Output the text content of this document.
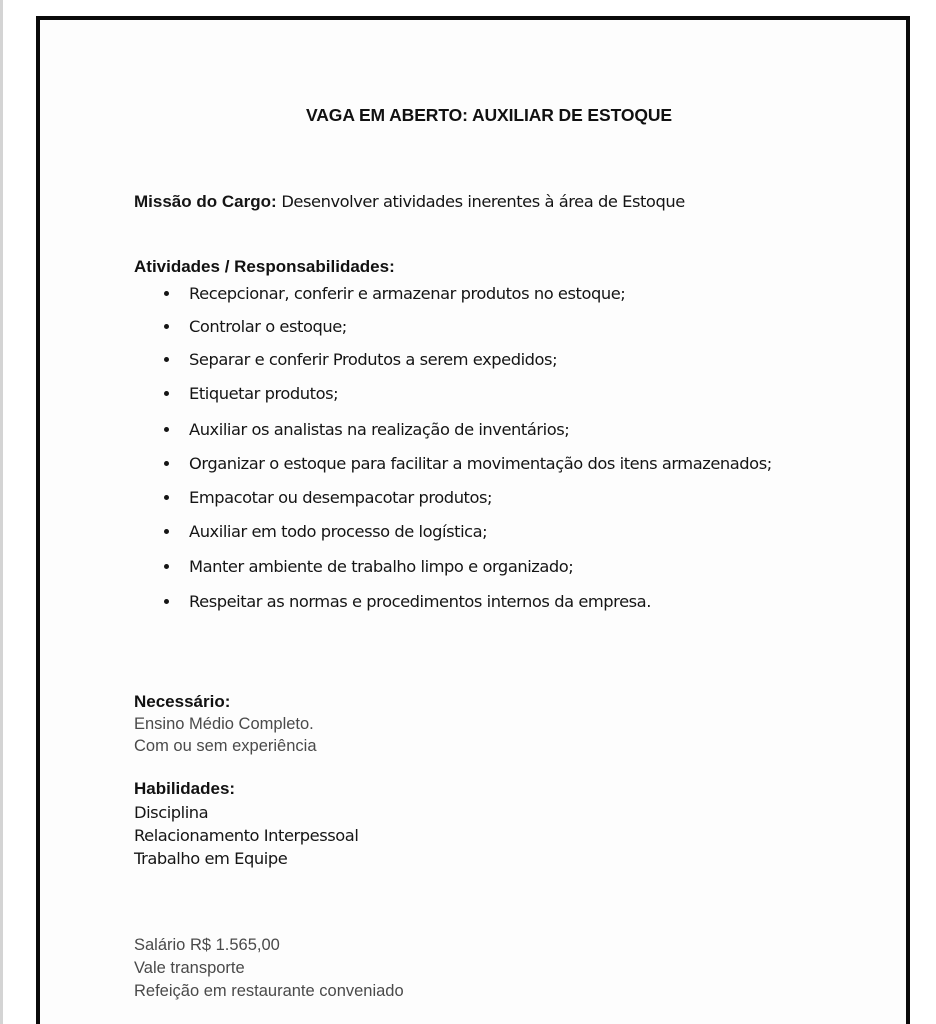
VAGA EM ABERTO: AUXILIAR DE ESTOQUE
Missão do Cargo: Desenvolver atividades inerentes à área de Estoque
Atividades / Responsabilidades:
Recepcionar, conferir e armazenar produtos no estoque;
Controlar o estoque;
Separar e conferir Produtos a serem expedidos;
Etiquetar produtos;
Auxiliar os analistas na realização de inventários;
Organizar o estoque para facilitar a movimentação dos itens armazenados;
Empacotar ou desempacotar produtos;
Auxiliar em todo processo de logística;
Manter ambiente de trabalho limpo e organizado;
Respeitar as normas e procedimentos internos da empresa.
Necessário:
Ensino Médio Completo.
Com ou sem experiência
Habilidades:
Disciplina
Relacionamento Interpessoal
Trabalho em Equipe
Salário R$ 1.565,00
Vale transporte
Refeição em restaurante conveniado
